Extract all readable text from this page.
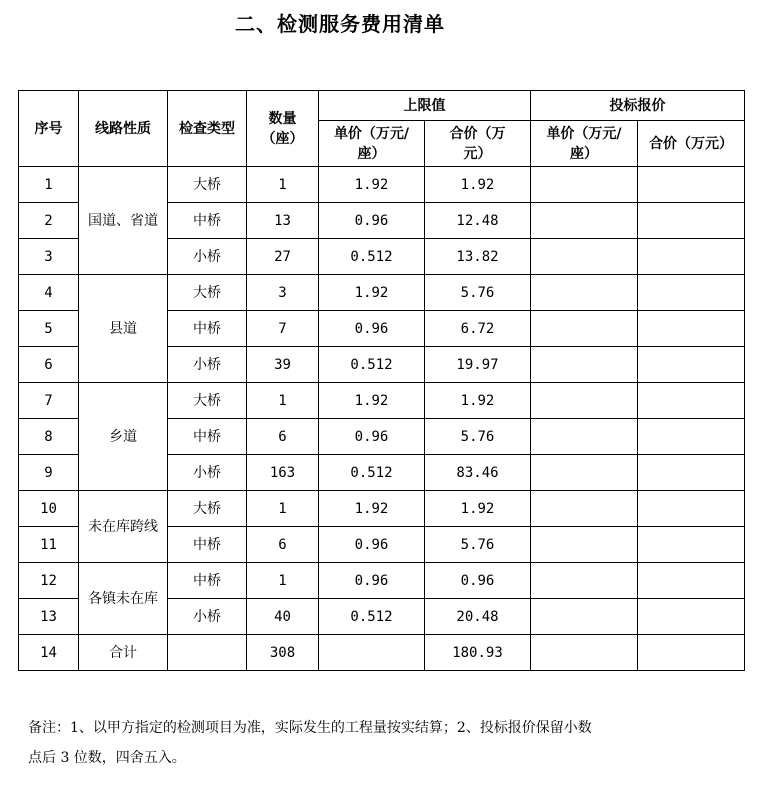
二、检测服务费用清单
序号	线路性质	检查类型	数量（座）	上限值		投标报价	
				单价（万元/座）	合价（万元）	单价（万元/座）	合价（万元）
1	国道、省道	大桥	1	1.92	1.92		
2		中桥	13	0.96	12.48		
3		小桥	27	0.512	13.82		
4	县道	大桥	3	1.92	5.76		
5		中桥	7	0.96	6.72		
6		小桥	39	0.512	19.97		
7	乡道	大桥	1	1.92	1.92		
8		中桥	6	0.96	5.76		
9		小桥	163	0.512	83.46		
10	未在库跨线	大桥	1	1.92	1.92		
11		中桥	6	0.96	5.76		
12	各镇未在库	中桥	1	0.96	0.96		
13		小桥	40	0.512	20.48		
14	合计		308		180.93		
备注：1、以甲方指定的检测项目为准，实际发生的工程量按实结算；2、投标报价保留小数
点后 3 位数，四舍五入。
